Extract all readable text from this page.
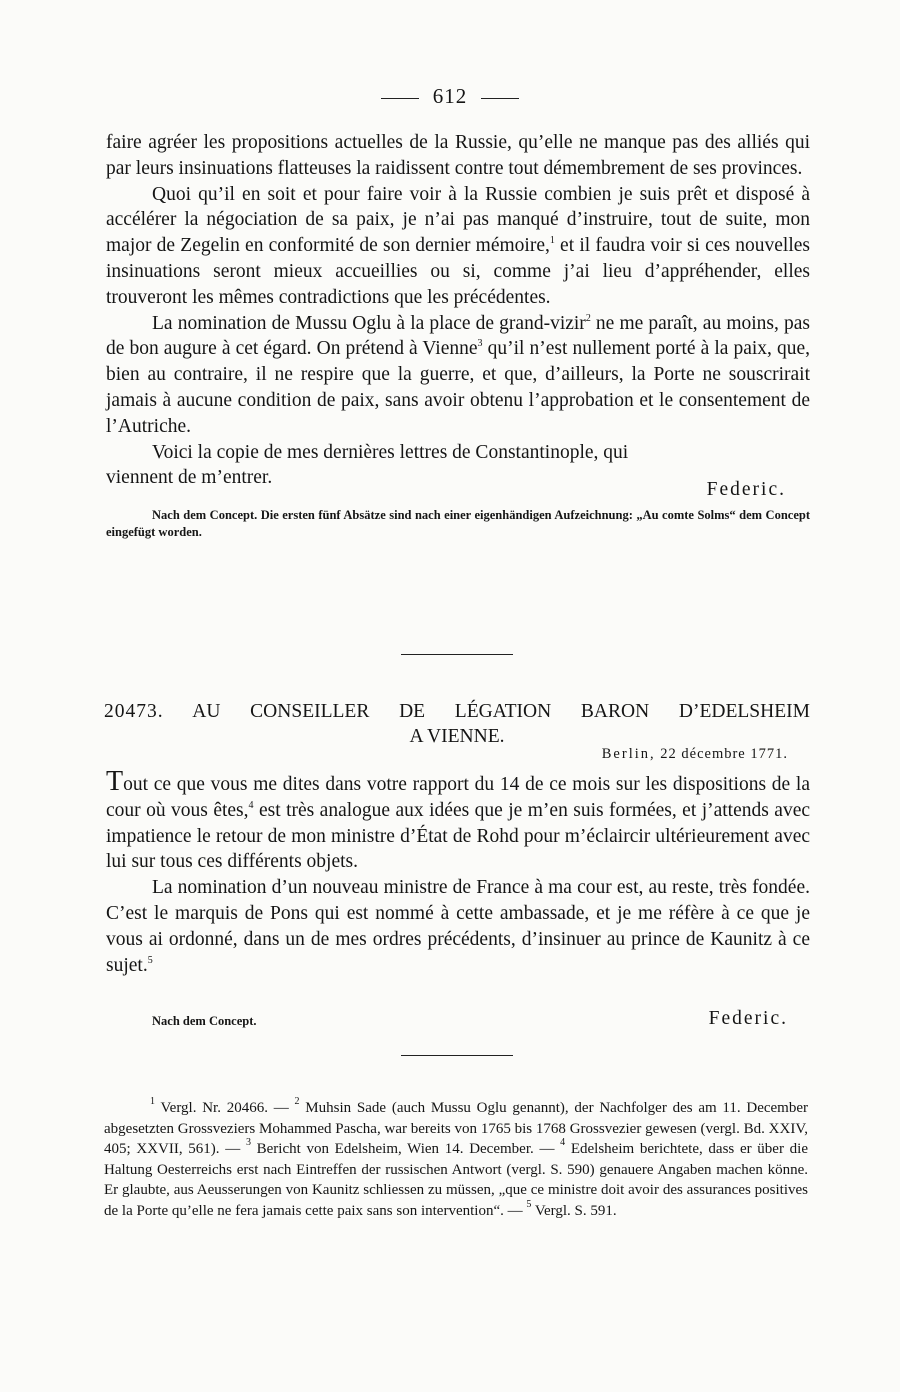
612

faire agréer les propositions actuelles de la Russie, qu’elle ne manque pas des alliés qui par leurs insinuations flatteuses la raidissent contre tout démembrement de ses provinces.

Quoi qu’il en soit et pour faire voir à la Russie combien je suis prêt et disposé à accélérer la négociation de sa paix, je n’ai pas manqué d’instruire, tout de suite, mon major de Zegelin en conformité de son dernier mémoire,$^1$ et il faudra voir si ces nouvelles insinuations seront mieux accueillies ou si, comme j’ai lieu d’appréhender, elles trouveront les mêmes contradictions que les précédentes.

La nomination de Mussu Oglu à la place de grand-vizir$^2$ ne me paraît, au moins, pas de bon augure à cet égard. On prétend à Vienne$^3$ qu’il n’est nullement porté à la paix, que, bien au contraire, il ne respire que la guerre, et que, d’ailleurs, la Porte ne souscrirait jamais à aucune condition de paix, sans avoir obtenu l’approbation et le consentement de l’Autriche.

Voici la copie de mes dernières lettres de Constantinople, qui

viennent de m’entrer.
Federic.

Nach dem Concept. Die ersten fünf Absätze sind nach einer eigenhändigen Aufzeichnung: „Au comte Solms“ dem Concept eingefügt worden.

20473. AU CONSEILLER DE LÉGATION BARON D’EDELSHEIM
A VIENNE.
Berlin, 22 décembre 1771.

Tout ce que vous me dites dans votre rapport du 14 de ce mois sur les dispositions de la cour où vous êtes,$^4$ est très analogue aux idées que je m’en suis formées, et j’attends avec impatience le retour de mon ministre d’État de Rohd pour m’éclaircir ultérieurement avec lui sur tous ces différents objets.

La nomination d’un nouveau ministre de France à ma cour est, au reste, très fondée. C’est le marquis de Pons qui est nommé à cette ambassade, et je me réfère à ce que je vous ai ordonné, dans un de mes ordres précédents, d’insinuer au prince de Kaunitz à ce sujet.$^5$

Nach dem Concept.	Federic.

$^1$ Vergl. Nr. 20466. — $^2$ Muhsin Sade (auch Mussu Oglu genannt), der Nachfolger des am 11. December abgesetzten Grossveziers Mohammed Pascha, war bereits von 1765 bis 1768 Grossvezier gewesen (vergl. Bd. XXIV, 405; XXVII, 561). — $^3$ Bericht von Edelsheim, Wien 14. December. — $^4$ Edelsheim berichtete, dass er über die Haltung Oesterreichs erst nach Eintreffen der russischen Antwort (vergl. S. 590) genauere Angaben machen könne. Er glaubte, aus Aeusserungen von Kaunitz schliessen zu müssen, „que ce ministre doit avoir des assurances positives de la Porte qu’elle ne fera jamais cette paix sans son intervention“. — $^5$ Vergl. S. 591.
